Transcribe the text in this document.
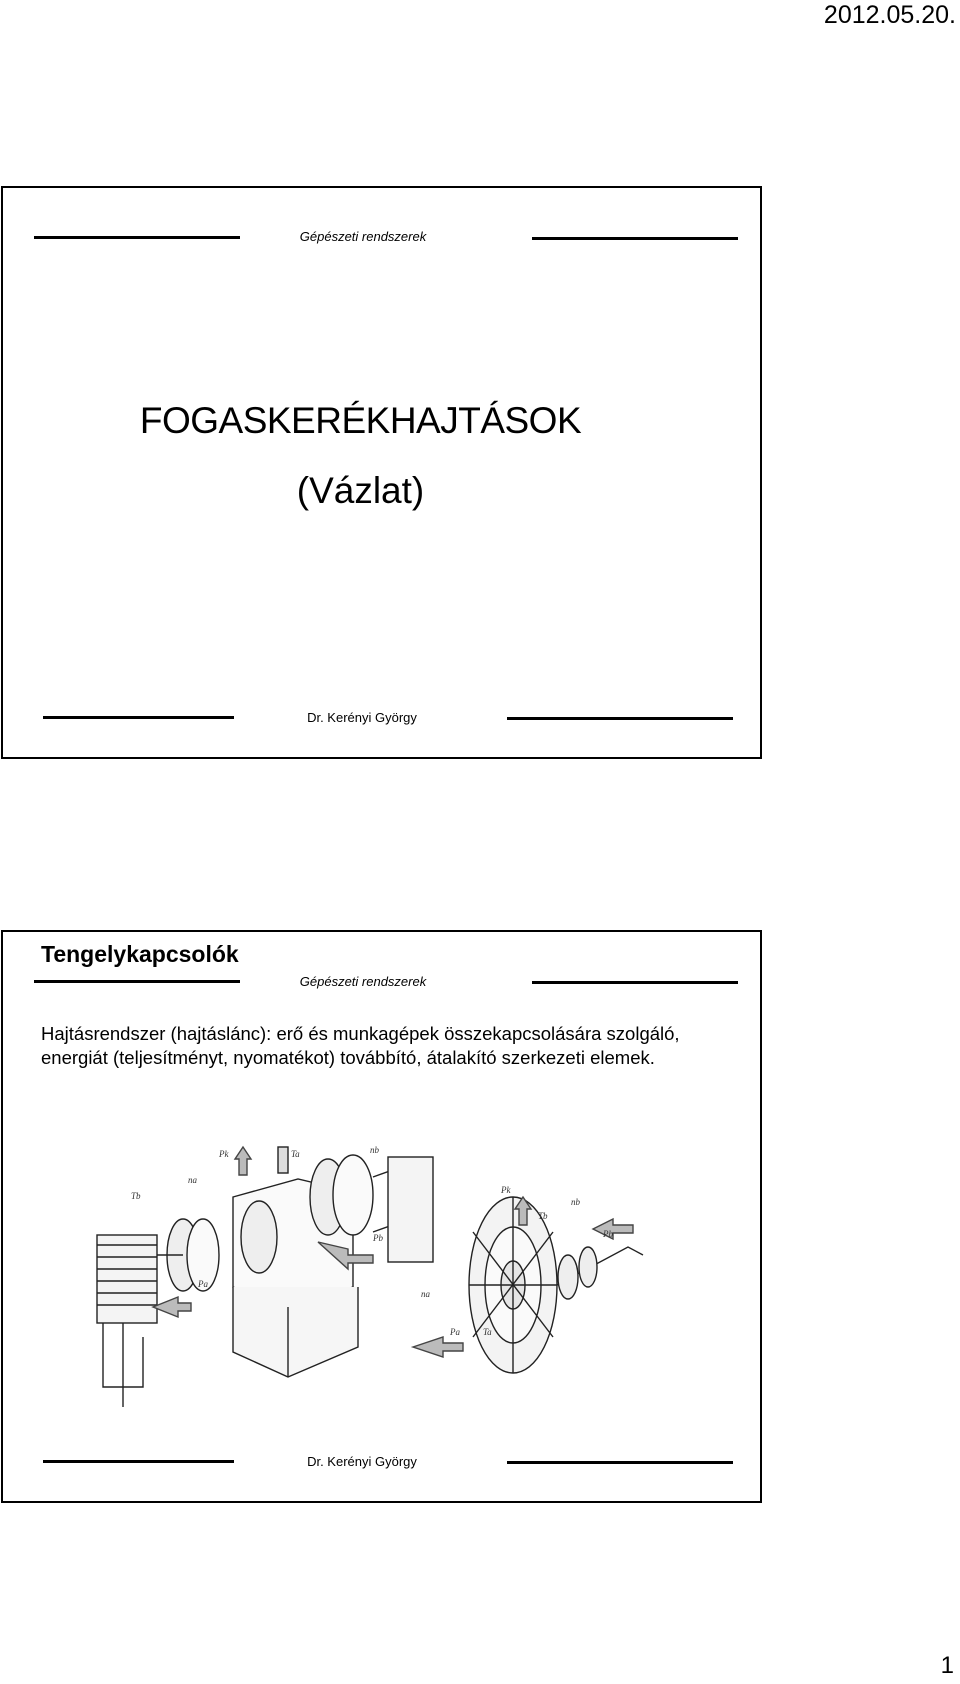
2012.05.20.
Gépészeti rendszerek
FOGASKERÉKHAJTÁSOK
(Vázlat)
Dr. Kerényi György
Tengelykapcsolók
Gépészeti rendszerek
Hajtásrendszer (hajtáslánc): erő és munkagépek összekapcsolására szolgáló, energiát (teljesítményt, nyomatékot) továbbító, átalakító szerkezeti elemek.
Pk	Ta	nb
na
Tb
Pb
Pa
Pk
Tb
nb
Pb
na
Pa	Ta
Dr. Kerényi György
1
